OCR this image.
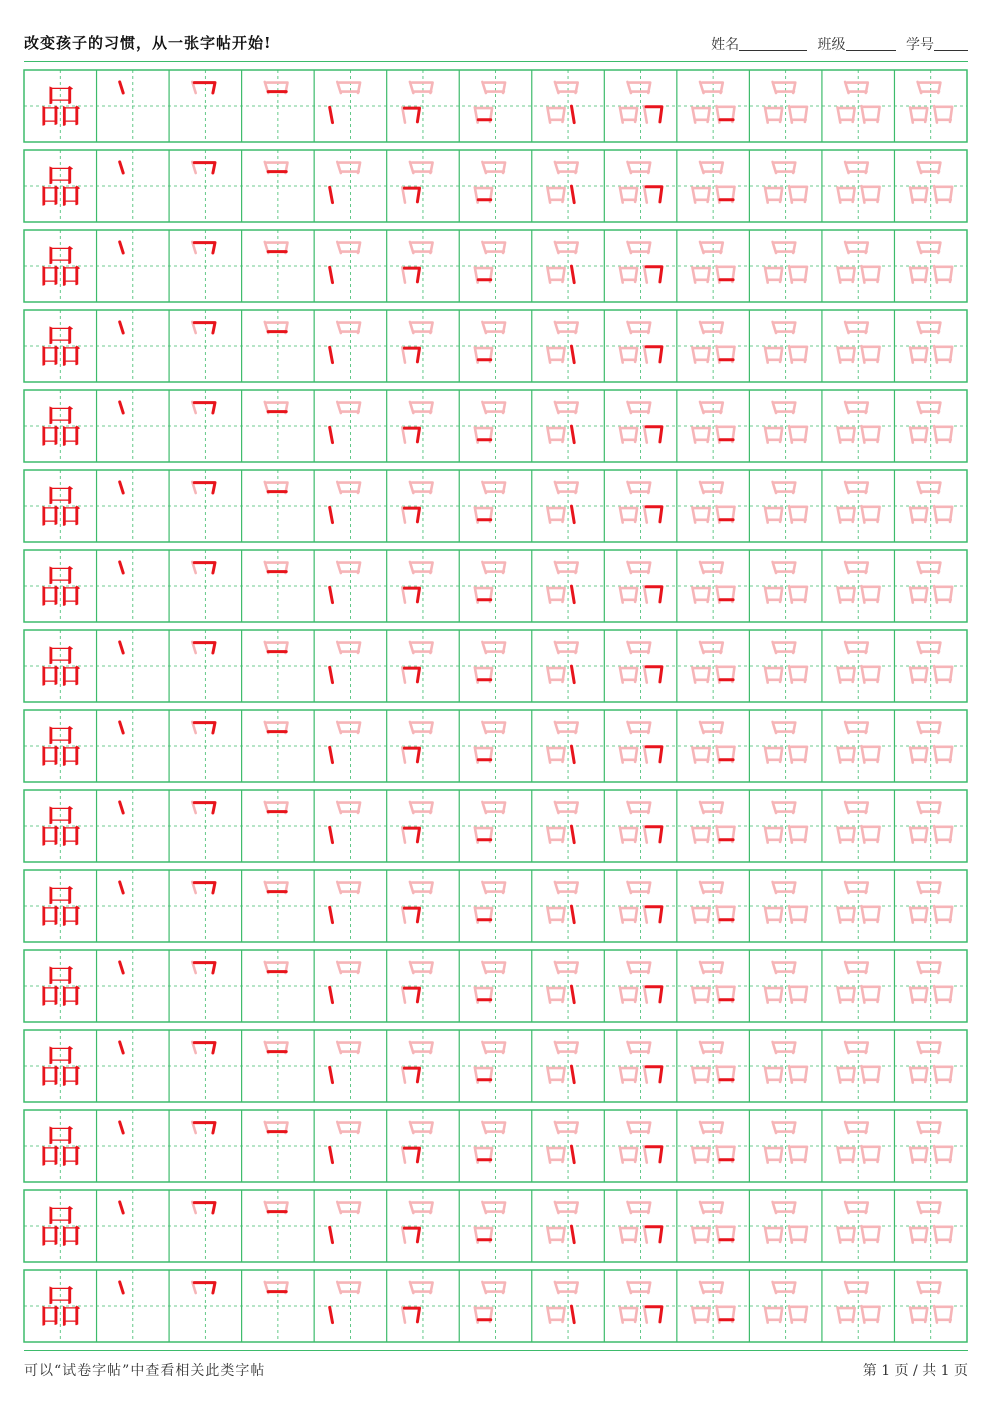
改变孩子的习惯，从一张字帖开始!	姓名	班级	学号
品
品
品
品
品
品
品
品
品
品
品
品
品
品
品
品
可以“试卷字帖”中查看相关此类字帖	第 1 页 / 共 1 页
